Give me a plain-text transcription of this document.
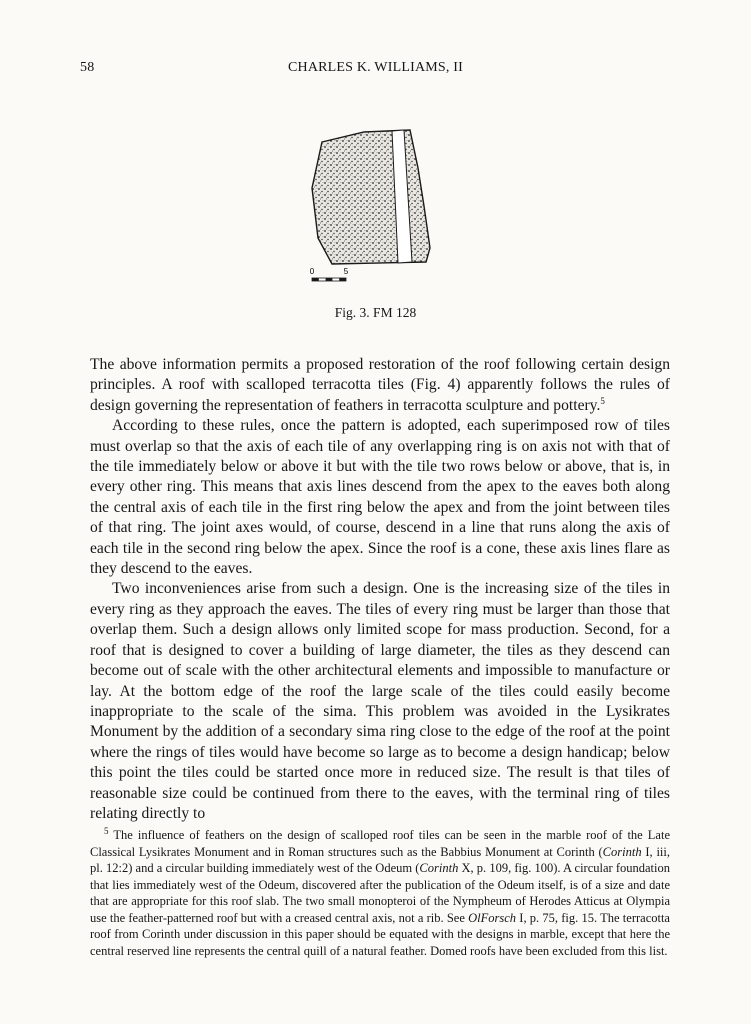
58	CHARLES K. WILLIAMS, II
0	5
Fig. 3. FM 128

The above information permits a proposed restoration of the roof following certain design principles. A roof with scalloped terracotta tiles (Fig. 4) apparently follows the rules of design governing the representation of feathers in terracotta sculpture and pottery.$^5$

According to these rules, once the pattern is adopted, each superimposed row of tiles must overlap so that the axis of each tile of any overlapping ring is on axis not with that of the tile immediately below or above it but with the tile two rows below or above, that is, in every other ring. This means that axis lines descend from the apex to the eaves both along the central axis of each tile in the first ring below the apex and from the joint between tiles of that ring. The joint axes would, of course, descend in a line that runs along the axis of each tile in the second ring below the apex. Since the roof is a cone, these axis lines flare as they descend to the eaves.

Two inconveniences arise from such a design. One is the increasing size of the tiles in every ring as they approach the eaves. The tiles of every ring must be larger than those that overlap them. Such a design allows only limited scope for mass production. Second, for a roof that is designed to cover a building of large diameter, the tiles as they descend can become out of scale with the other architectural elements and impossible to manufacture or lay. At the bottom edge of the roof the large scale of the tiles could easily become inappropriate to the scale of the sima. This problem was avoided in the Lysikrates Monument by the addition of a secondary sima ring close to the edge of the roof at the point where the rings of tiles would have become so large as to become a design handicap; below this point the tiles could be started once more in reduced size. The result is that tiles of reasonable size could be continued from there to the eaves, with the terminal ring of tiles relating directly to

$^5$ The influence of feathers on the design of scalloped roof tiles can be seen in the marble roof of the Late Classical Lysikrates Monument and in Roman structures such as the Babbius Monument at Corinth (Corinth I, iii, pl. 12:2) and a circular building immediately west of the Odeum (Corinth X, p. 109, fig. 100). A circular foundation that lies immediately west of the Odeum, discovered after the publication of the Odeum itself, is of a size and date that are appropriate for this roof slab. The two small monopteroi of the Nympheum of Herodes Atticus at Olympia use the feather-patterned roof but with a creased central axis, not a rib. See OlForsch I, p. 75, fig. 15. The terracotta roof from Corinth under discussion in this paper should be equated with the designs in marble, except that here the central reserved line represents the central quill of a natural feather. Domed roofs have been excluded from this list.
